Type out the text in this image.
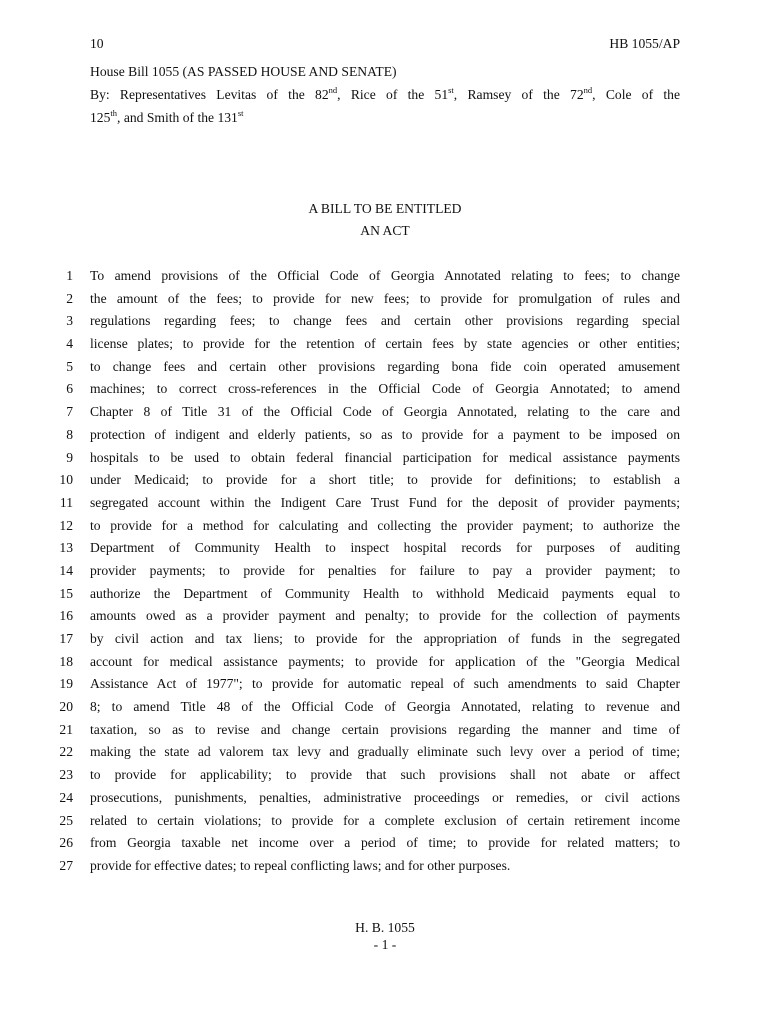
10	HB 1055/AP
House Bill 1055 (AS PASSED HOUSE AND SENATE)
By: Representatives Levitas of the 82nd, Rice of the 51st, Ramsey of the 72nd, Cole of the
125th, and Smith of the 131st
A BILL TO BE ENTITLED
AN ACT
1 To amend provisions of the Official Code of Georgia Annotated relating to fees; to change
2 the amount of the fees; to provide for new fees; to provide for promulgation of rules and
3 regulations regarding fees; to change fees and certain other provisions regarding special
4 license plates; to provide for the retention of certain fees by state agencies or other entities;
5 to change fees and certain other provisions regarding bona fide coin operated amusement
6 machines; to correct cross-references in the Official Code of Georgia Annotated; to amend
7 Chapter 8 of Title 31 of the Official Code of Georgia Annotated, relating to the care and
8 protection of indigent and elderly patients, so as to provide for a payment to be imposed on
9 hospitals to be used to obtain federal financial participation for medical assistance payments
10 under Medicaid; to provide for a short title; to provide for definitions; to establish a
11 segregated account within the Indigent Care Trust Fund for the deposit of provider payments;
12 to provide for a method for calculating and collecting the provider payment; to authorize the
13 Department of Community Health to inspect hospital records for purposes of auditing
14 provider payments; to provide for penalties for failure to pay a provider payment; to
15 authorize the Department of Community Health to withhold Medicaid payments equal to
16 amounts owed as a provider payment and penalty; to provide for the collection of payments
17 by civil action and tax liens; to provide for the appropriation of funds in the segregated
18 account for medical assistance payments; to provide for application of the "Georgia Medical
19 Assistance Act of 1977"; to provide for automatic repeal of such amendments to said Chapter
20 8; to amend Title 48 of the Official Code of Georgia Annotated, relating to revenue and
21 taxation, so as to revise and change certain provisions regarding the manner and time of
22 making the state ad valorem tax levy and gradually eliminate such levy over a period of time;
23 to provide for applicability; to provide that such provisions shall not abate or affect
24 prosecutions, punishments, penalties, administrative proceedings or remedies, or civil actions
25 related to certain violations; to provide for a complete exclusion of certain retirement income
26 from Georgia taxable net income over a period of time; to provide for related matters; to
27 provide for effective dates; to repeal conflicting laws; and for other purposes.
H. B. 1055
- 1 -
